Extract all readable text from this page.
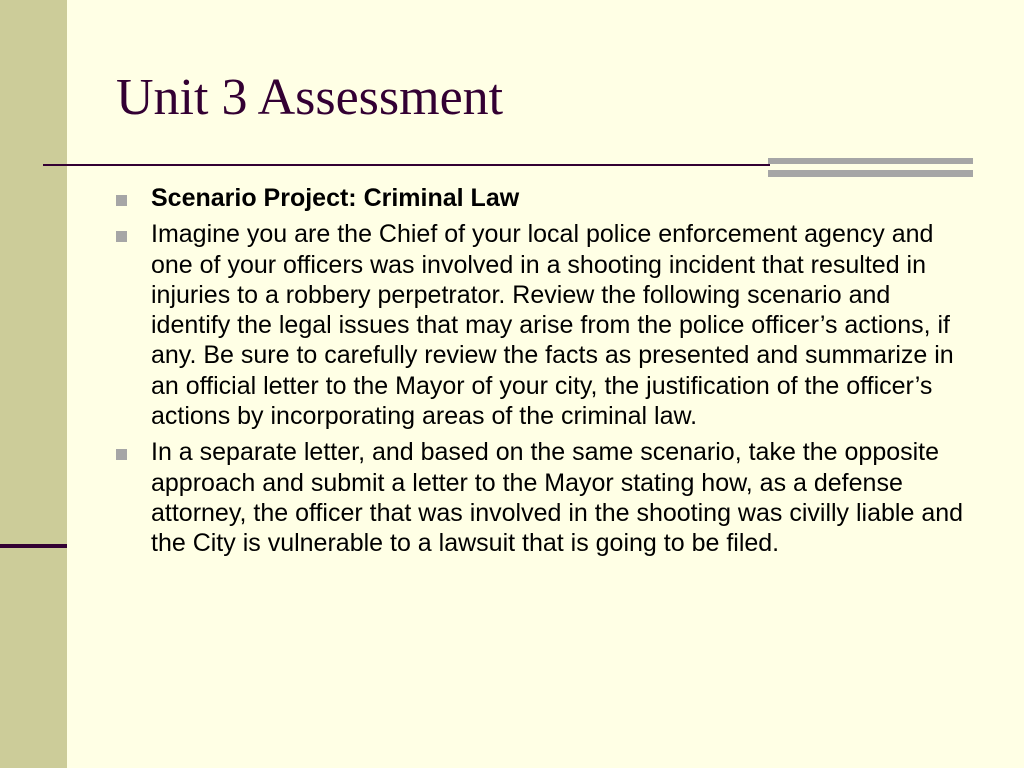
Unit 3 Assessment
Scenario Project: Criminal Law
Imagine you are the Chief of your local police enforcement agency and one of your officers was involved in a shooting incident that resulted in injuries to a robbery perpetrator. Review the following scenario and identify the legal issues that may arise from the police officer’s actions, if any. Be sure to carefully review the facts as presented and summarize in an official letter to the Mayor of your city, the justification of the officer’s actions by incorporating areas of the criminal law.
In a separate letter, and based on the same scenario, take the opposite approach and submit a letter to the Mayor stating how, as a defense attorney, the officer that was involved in the shooting was civilly liable and the City is vulnerable to a lawsuit that is going to be filed.
